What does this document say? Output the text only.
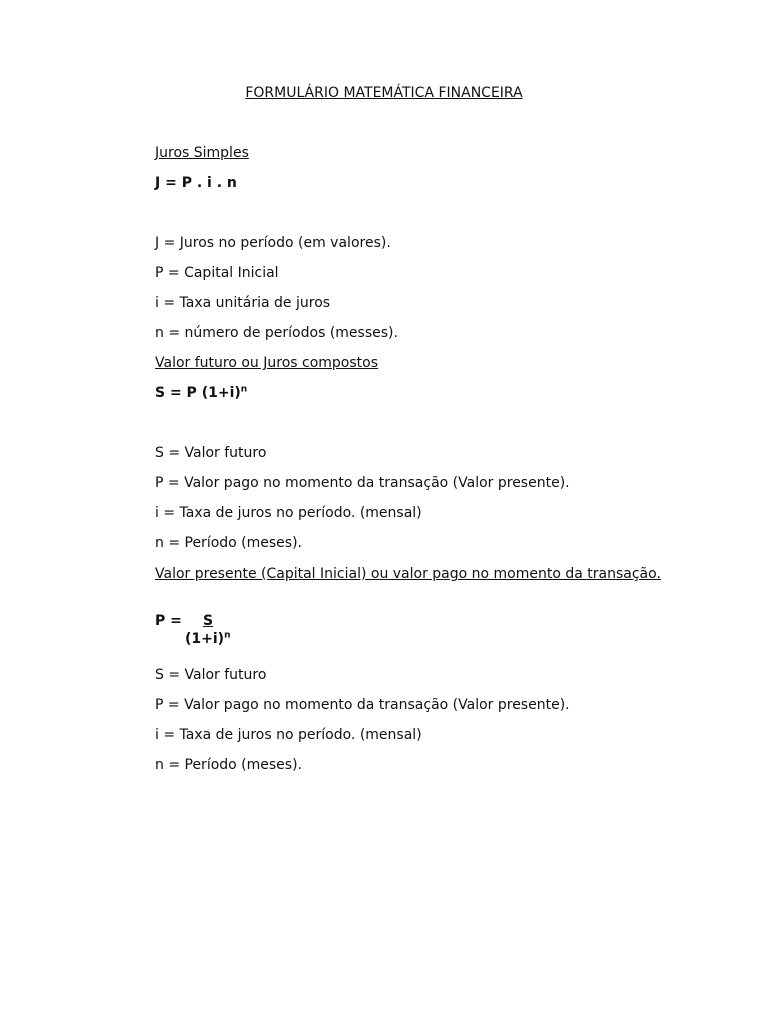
FORMULÁRIO MATEMÁTICA FINANCEIRA
Juros Simples
J = P . i . n
J = Juros no período (em valores).
P = Capital Inicial
i = Taxa unitária de juros
n = número de períodos (messes).
Valor futuro ou Juros compostos
S = P $(1+i)^n$
S = Valor futuro
P = Valor pago no momento da transação (Valor presente).
i = Taxa de juros no período. (mensal)
n = Período (meses).
Valor presente (Capital Inicial) ou valor pago no momento da transação.
P = S
$(1+i)^n$
S = Valor futuro
P = Valor pago no momento da transação (Valor presente).
i = Taxa de juros no período. (mensal)
n = Período (meses).
